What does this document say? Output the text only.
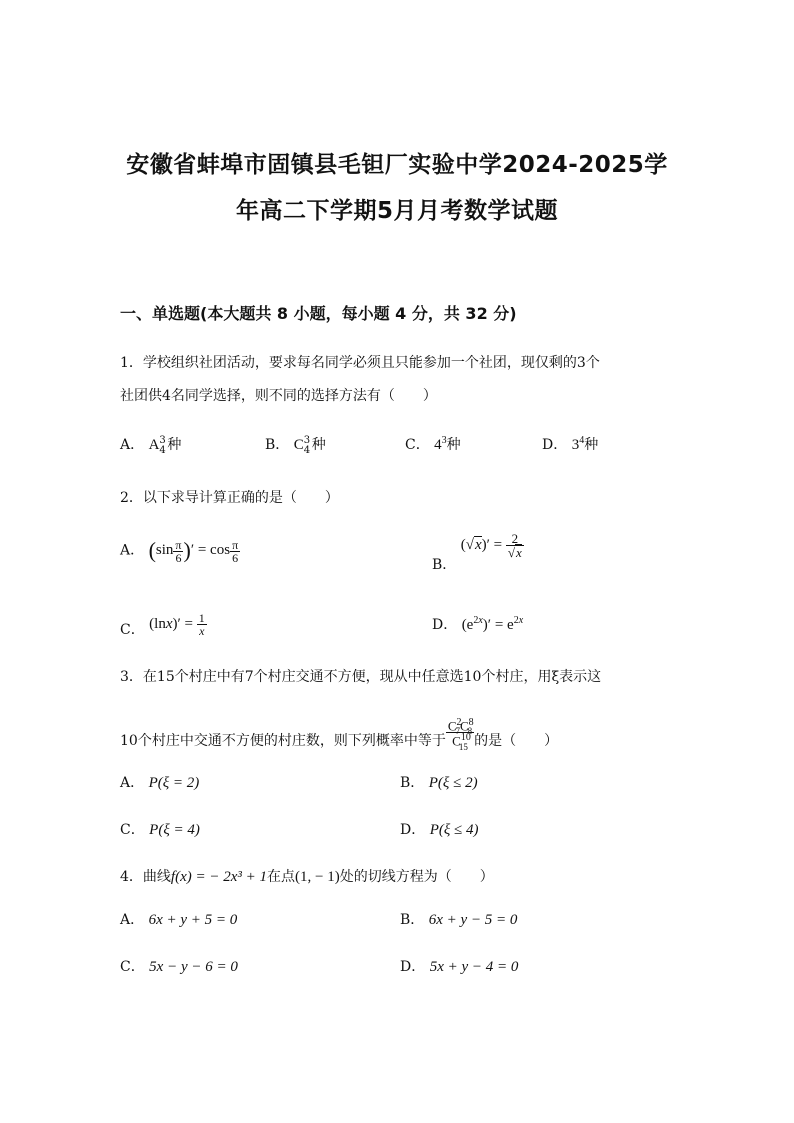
安徽省蚌埠市固镇县毛钽厂实验中学2024-2025学
年高二下学期5月月考数学试题
一、单选题(本大题共 8 小题，每小题 4 分，共 32 分)
1．学校组织社团活动，要求每名同学必须且只能参加一个社团，现仅剩的3个
社团供4名同学选择，则不同的选择方法有（　　）
A． A 3
4 种	B． C 3
4 种	C． $4^3$种	D． $3^4$种
2．以下求导计算正确的是（　　）
A． ($\sin \frac{\pi}{6}$ )′ = $\cos \frac{\pi}{6}$
B． $(√x)' = \frac{2}{√x}$
C． $(\ln x)' = \frac{1}{x}$	D． $(e^{2x})' = e^{2x}$
3．在15个村庄中有7个村庄交通不方便，现从中任意选10个村庄，用ξ表示这
10个村庄中交通不方便的村庄数，则下列概率中等于 $\frac{C^2_7C^8_8}{C^{10}_{15}}$ 的是（　　）
A． P(ξ = 2)	B． P(ξ ≤ 2)
C． P(ξ = 4)	D． P(ξ ≤ 4)
4．曲线f(x) = − 2x³ + 1在点(1, − 1)处的切线方程为（　　）
A． 6x + y + 5 = 0	B． 6x + y − 5 = 0
C． 5x − y − 6 = 0	D． 5x + y − 4 = 0
